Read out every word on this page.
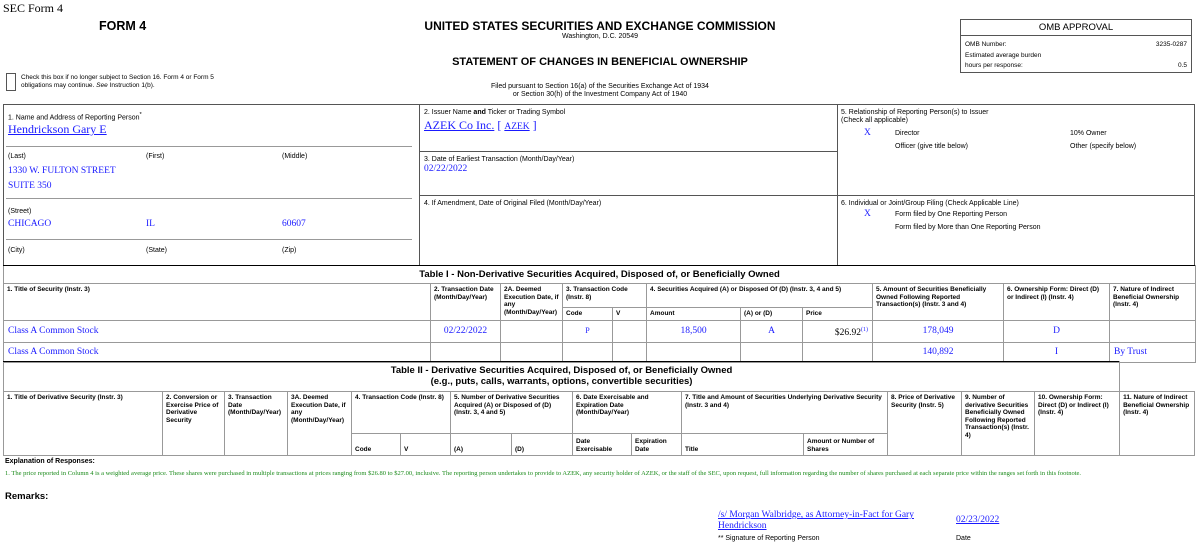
SEC Form 4
FORM 4	UNITED STATES SECURITIES AND EXCHANGE COMMISSION
Washington, D.C. 20549
STATEMENT OF CHANGES IN BENEFICIAL OWNERSHIP
Filed pursuant to Section 16(a) of the Securities Exchange Act of 1934
or Section 30(h) of the Investment Company Act of 1940
OMB APPROVAL
OMB Number:	3235-0287
Estimated average burden
hours per response:	0.5
Check this box if no longer subject to Section 16. Form 4 or Form 5
obligations may continue. See Instruction 1(b).
1. Name and Address of Reporting Person*
Hendrickson Gary E
(Last)	(First)	(Middle)
1330 W. FULTON STREET
SUITE 350
(Street)
CHICAGO	IL	60607
(City)	(State)	(Zip)
2. Issuer Name and Ticker or Trading Symbol
AZEK Co Inc. [ AZEK ]
3. Date of Earliest Transaction (Month/Day/Year)
02/22/2022
4. If Amendment, Date of Original Filed (Month/Day/Year)
5. Relationship of Reporting Person(s) to Issuer
(Check all applicable)
X	Director	10% Owner
Officer (give title below)	Other (specify below)
6. Individual or Joint/Group Filing (Check Applicable Line)
X	Form filed by One Reporting Person
Form filed by More than One Reporting Person
Table I - Non-Derivative Securities Acquired, Disposed of, or Beneficially Owned										
1. Title of Security (Instr. 3)	2. Transaction Date (Month/Day/Year)	2A. Deemed Execution Date, if any (Month/Day/Year)	3. Transaction Code (Instr. 8)		4. Securities Acquired (A) or Disposed Of (D) (Instr. 3, 4 and 5)			5. Amount of Securities Beneficially Owned Following Reported Transaction(s) (Instr. 3 and 4)	6. Ownership Form: Direct (D) or Indirect (I) (Instr. 4)	7. Nature of Indirect Beneficial Ownership (Instr. 4)
			Code	V	Amount	(A) or (D)	Price			
Class A Common Stock	02/22/2022		P		18,500	A	$26.92$^{(1)}$	178,049	D	
Class A Common Stock								140,892	I	By Trust
Table II - Derivative Securities Acquired, Disposed of, or Beneficially Owned
(e.g., puts, calls, warrants, options, convertible securities)															
1. Title of Derivative Security (Instr. 3)	2. Conversion or Exercise Price of Derivative Security	3. Transaction Date (Month/Day/Year)	3A. Deemed Execution Date, if any (Month/Day/Year)	4. Transaction Code (Instr. 8)		5. Number of Derivative Securities Acquired (A) or Disposed of (D) (Instr. 3, 4 and 5)		6. Date Exercisable and Expiration Date (Month/Day/Year)		7. Title and Amount of Securities Underlying Derivative Security (Instr. 3 and 4)		8. Price of Derivative Security (Instr. 5)	9. Number of derivative Securities Beneficially Owned Following Reported Transaction(s) (Instr. 4)	10. Ownership Form: Direct (D) or Indirect (I) (Instr. 4)	11. Nature of Indirect Beneficial Ownership (Instr. 4)
				Code	V	(A)	(D)	Date Exercisable	Expiration Date	Title	Amount or Number of Shares				
Explanation of Responses:
1. The price reported in Column 4 is a weighted average price. These shares were purchased in multiple transactions at prices ranging from $26.80 to $27.00, inclusive. The reporting person undertakes to provide to AZEK, any security holder of AZEK, or the staff of the SEC, upon request, full information regarding the number of shares purchased at each separate price within the ranges set forth in this footnote.
Remarks:
/s/ Morgan Walbridge, as Attorney-in-Fact for Gary
Hendrickson
** Signature of Reporting Person
02/23/2022
Date
